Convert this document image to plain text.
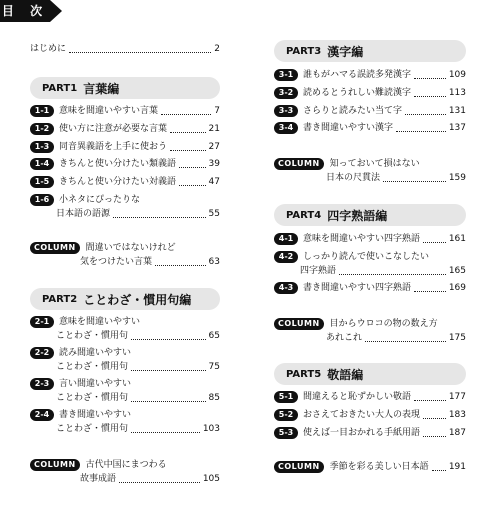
目 次
はじめに	2
PART1 言葉編
1-1	意味を間違いやすい言葉	7
1-2	使い方に注意が必要な言葉	21
1-3	同音異義語を上手に使おう	27
1-4	きちんと使い分けたい類義語	39
1-5	きちんと使い分けたい対義語	47
1-6 小ネタにぴったりな
日本語の語源	55
COLUMN 間違いではないけれど
気をつけたい言葉	63
PART2 ことわざ・慣用句編
2-1 意味を間違いやすい
ことわざ・慣用句	65
2-2 読み間違いやすい
ことわざ・慣用句	75
2-3 言い間違いやすい
ことわざ・慣用句	85
2-4 書き間違いやすい
ことわざ・慣用句	103
COLUMN 古代中国にまつわる
故事成語	105
PART3 漢字編
3-1	誰もがハマる誤読多発漢字	109
3-2	読めるとうれしい難読漢字	113
3-3	さらりと読みたい当て字	131
3-4	書き間違いやすい漢字	137
COLUMN 知っておいて損はない
日本の尺貫法	159
PART4 四字熟語編
4-1	意味を間違いやすい四字熟語	161
4-2 しっかり読んで使いこなしたい
四字熟語	165
4-3	書き間違いやすい四字熟語	169
COLUMN 目からウロコの物の数え方
あれこれ	175
PART5 敬語編
5-1	間違えると恥ずかしい敬語	177
5-2	おさえておきたい大人の表現	183
5-3	使えば一目おかれる手紙用語	187
COLUMN	季節を彩る美しい日本語 191
